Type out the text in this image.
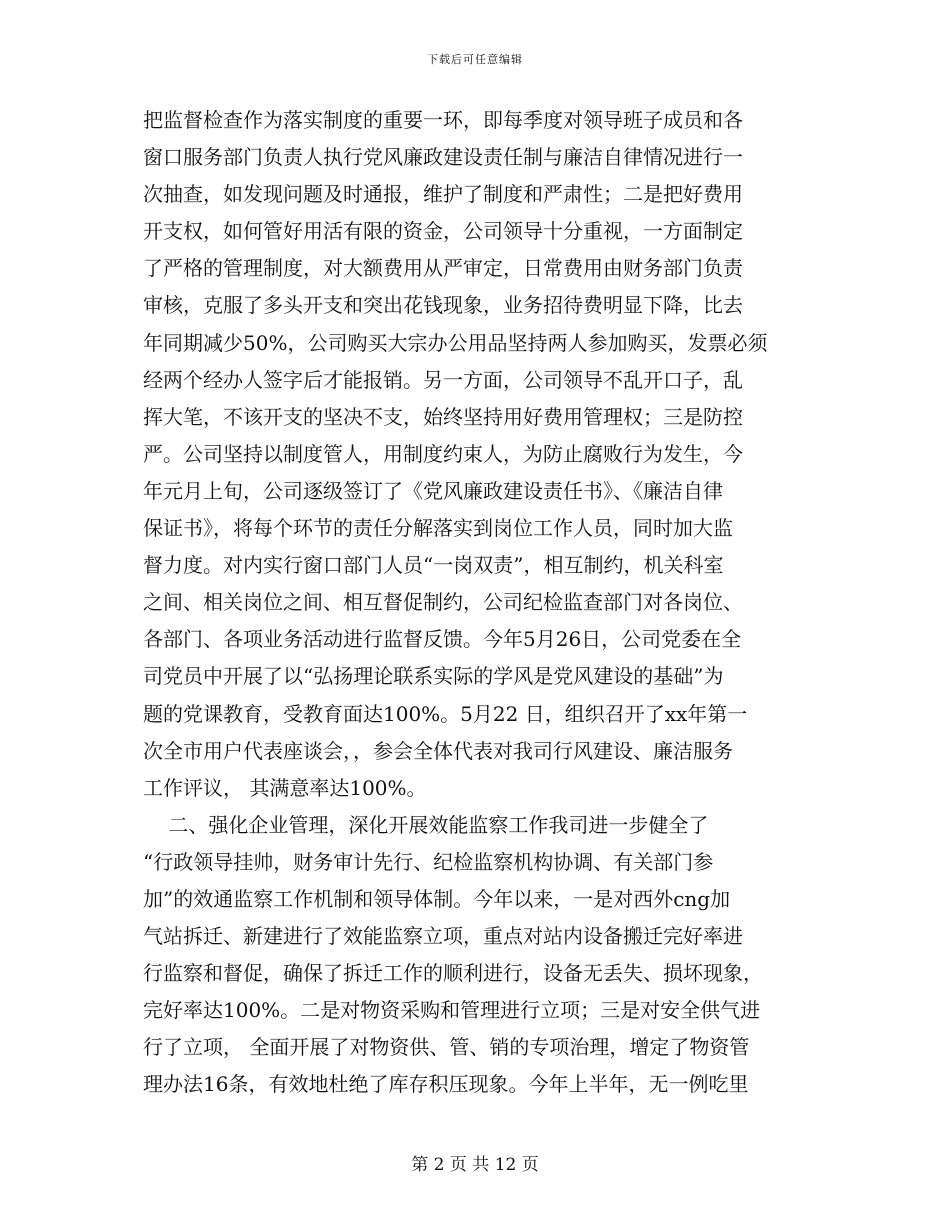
下载后可任意编辑
把监督检查作为落实制度的重要一环，即每季度对领导班子成员和各
窗口服务部门负责人执行党风廉政建设责任制与廉洁自律情况进行一
次抽查，如发现问题及时通报，维护了制度和严肃性；二是把好费用
开支权，如何管好用活有限的资金，公司领导十分重视，一方面制定
了严格的管理制度，对大额费用从严审定，日常费用由财务部门负责
审核，克服了多头开支和突出花钱现象，业务招待费明显下降，比去
年同期减少50%，公司购买大宗办公用品坚持两人参加购买，发票必须
经两个经办人签字后才能报销。另一方面，公司领导不乱开口子，乱
挥大笔，不该开支的坚决不支，始终坚持用好费用管理权；三是防控
严。公司坚持以制度管人，用制度约束人，为防止腐败行为发生，今
年元月上旬，公司逐级签订了《党风廉政建设责任书》、《廉洁自律
保证书》，将每个环节的责任分解落实到岗位工作人员，同时加大监
督力度。对内实行窗口部门人员“一岗双责”，相互制约，机关科室
之间、相关岗位之间、相互督促制约，公司纪检监查部门对各岗位、
各部门、各项业务活动进行监督反馈。今年5月26日，公司党委在全
司党员中开展了以“弘扬理论联系实际的学风是党风建设的基础”为
题的党课教育，受教育面达100%。5月22 日，组织召开了xx年第一
次全市用户代表座谈会，，参会全体代表对我司行风建设、廉洁服务
工作评议， 其满意率达100%。
二、强化企业管理，深化开展效能监察工作我司进一步健全了
“行政领导挂帅，财务审计先行、纪检监察机构协调、有关部门参
加”的效通监察工作机制和领导体制。今年以来，一是对西外cng加
气站拆迁、新建进行了效能监察立项，重点对站内设备搬迁完好率进
行监察和督促，确保了拆迁工作的顺利进行，设备无丢失、损坏现象，
完好率达100%。二是对物资采购和管理进行立项；三是对安全供气进
行了立项， 全面开展了对物资供、管、销的专项治理，增定了物资管
理办法16条，有效地杜绝了库存积压现象。今年上半年，无一例吃里
第 2 页 共 12 页
